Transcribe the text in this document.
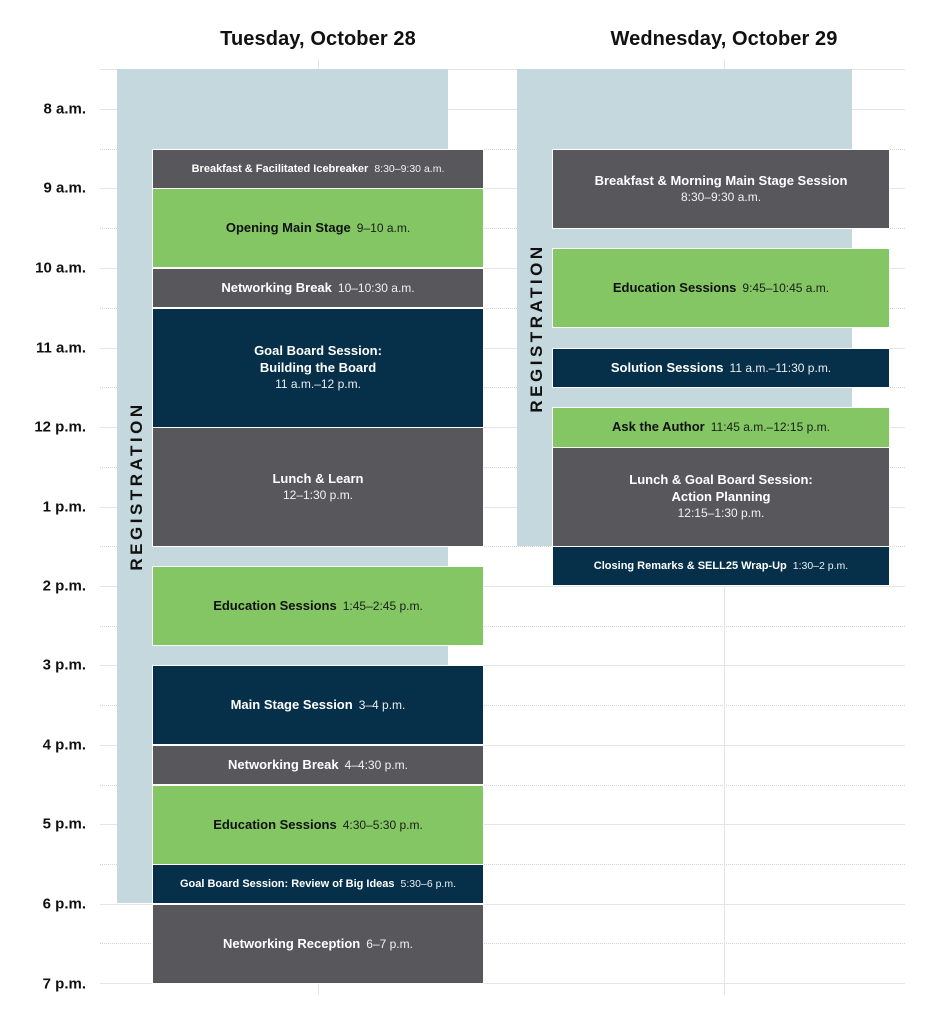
Tuesday, October 28	Wednesday, October 29
8 a.m.
9 a.m.
10 a.m.
11 a.m.
12 p.m.
1 p.m.
2 p.m.
3 p.m.
4 p.m.
5 p.m.
6 p.m.
7 p.m.
REGISTRATION
REGISTRATION
Breakfast & Facilitated Icebreaker 8:30–9:30 a.m.
Opening Main Stage 9–10 a.m.
Networking Break 10–10:30 a.m.
Goal Board Session:
Building the Board
11 a.m.–12 p.m.
Lunch & Learn
12–1:30 p.m.
Education Sessions 1:45–2:45 p.m.
Main Stage Session 3–4 p.m.
Networking Break 4–4:30 p.m.
Education Sessions 4:30–5:30 p.m.
Goal Board Session: Review of Big Ideas 5:30–6 p.m.
Networking Reception 6–7 p.m.
Breakfast & Morning Main Stage Session
8:30–9:30 a.m.
Education Sessions 9:45–10:45 a.m.
Solution Sessions 11 a.m.–11:30 p.m.
Ask the Author 11:45 a.m.–12:15 p.m.
Lunch & Goal Board Session:
Action Planning
12:15–1:30 p.m.
Closing Remarks & SELL25 Wrap-Up 1:30–2 p.m.
